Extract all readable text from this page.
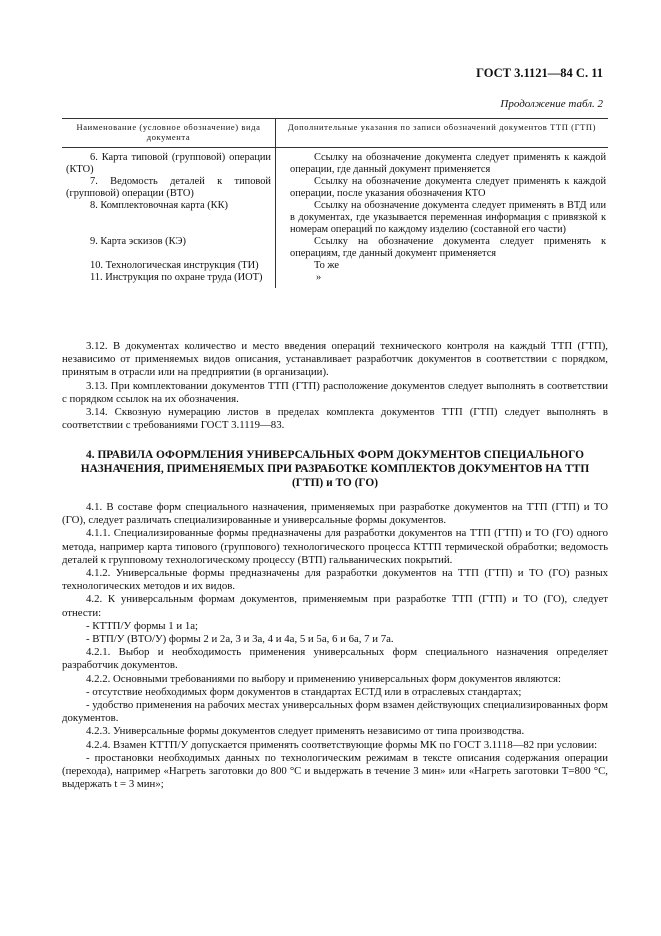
ГОСТ 3.1121—84 С. 11
Продолжение табл. 2
Наименование (условное обозначение) вида документа	Дополнительные указания по записи обозначений документов ТТП (ГТП)

6. Карта типовой (групповой) операции (КТО)	Ссылку на обозначение документа следует применять к каждой операции, где данный документ применяется
7. Ведомость деталей к типовой (групповой) операции (ВТО)	Ссылку на обозначение документа следует применять к каждой операции, после указания обозначения КТО
8. Комплектовочная карта (КК)	Ссылку на обозначение документа следует применять в ВТД или в документах, где указывается переменная информация с привязкой к номерам операций по каждому изделию (составной его части)
9. Карта эскизов (КЭ)	Ссылку на обозначение документа следует применять к операциям, где данный документ применяется
10. Технологическая инструкция (ТИ)	То же
11. Инструкция по охране труда (ИОТ)	»

3.12. В документах количество и место введения операций технического контроля на каждый ТТП (ГТП), независимо от применяемых видов описания, устанавливает разработчик документов в соответствии с порядком, принятым в отрасли или на предприятии (в организации).

3.13. При комплектовании документов ТТП (ГТП) расположение документов следует выполнять в соответствии с порядком ссылок на их обозначения.

3.14. Сквозную нумерацию листов в пределах комплекта документов ТТП (ГТП) следует выполнять в соответствии с требованиями ГОСТ 3.1119—83.

4. ПРАВИЛА ОФОРМЛЕНИЯ УНИВЕРСАЛЬНЫХ ФОРМ ДОКУМЕНТОВ СПЕЦИАЛЬНОГО НАЗНАЧЕНИЯ, ПРИМЕНЯЕМЫХ ПРИ РАЗРАБОТКЕ КОМПЛЕКТОВ ДОКУМЕНТОВ НА ТТП (ГТП) и ТО (ГО)

4.1. В составе форм специального назначения, применяемых при разработке документов на ТТП (ГТП) и ТО (ГО), следует различать специализированные и универсальные формы документов.

4.1.1. Специализированные формы предназначены для разработки документов на ТТП (ГТП) и ТО (ГО) одного метода, например карта типового (группового) технологического процесса КТТП термической обработки; ведомость деталей к групповому технологическому процессу (ВТП) гальванических покрытий.

4.1.2. Универсальные формы предназначены для разработки документов на ТТП (ГТП) и ТО (ГО) разных технологических методов и их видов.

4.2. К универсальным формам документов, применяемым при разработке ТТП (ГТП) и ТО (ГО), следует отнести:

- КТТП/У формы 1 и 1а;

- ВТП/У (ВТО/У) формы 2 и 2а, 3 и 3а, 4 и 4а, 5 и 5а, 6 и 6а, 7 и 7а.

4.2.1. Выбор и необходимость применения универсальных форм специального назначения определяет разработчик документов.

4.2.2. Основными требованиями по выбору и применению универсальных форм документов являются:

- отсутствие необходимых форм документов в стандартах ЕСТД или в отраслевых стандартах;

- удобство применения на рабочих местах универсальных форм взамен действующих специализированных форм документов.

4.2.3. Универсальные формы документов следует применять независимо от типа производства.

4.2.4. Взамен КТТП/У допускается применять соответствующие формы МК по ГОСТ 3.1118—82 при условии:

- простановки необходимых данных по технологическим режимам в тексте описания содержания операции (перехода), например «Нагреть заготовки до 800 °С и выдержать в течение 3 мин» или «Нагреть заготовки Т=800 °С, выдержать t = 3 мин»;
